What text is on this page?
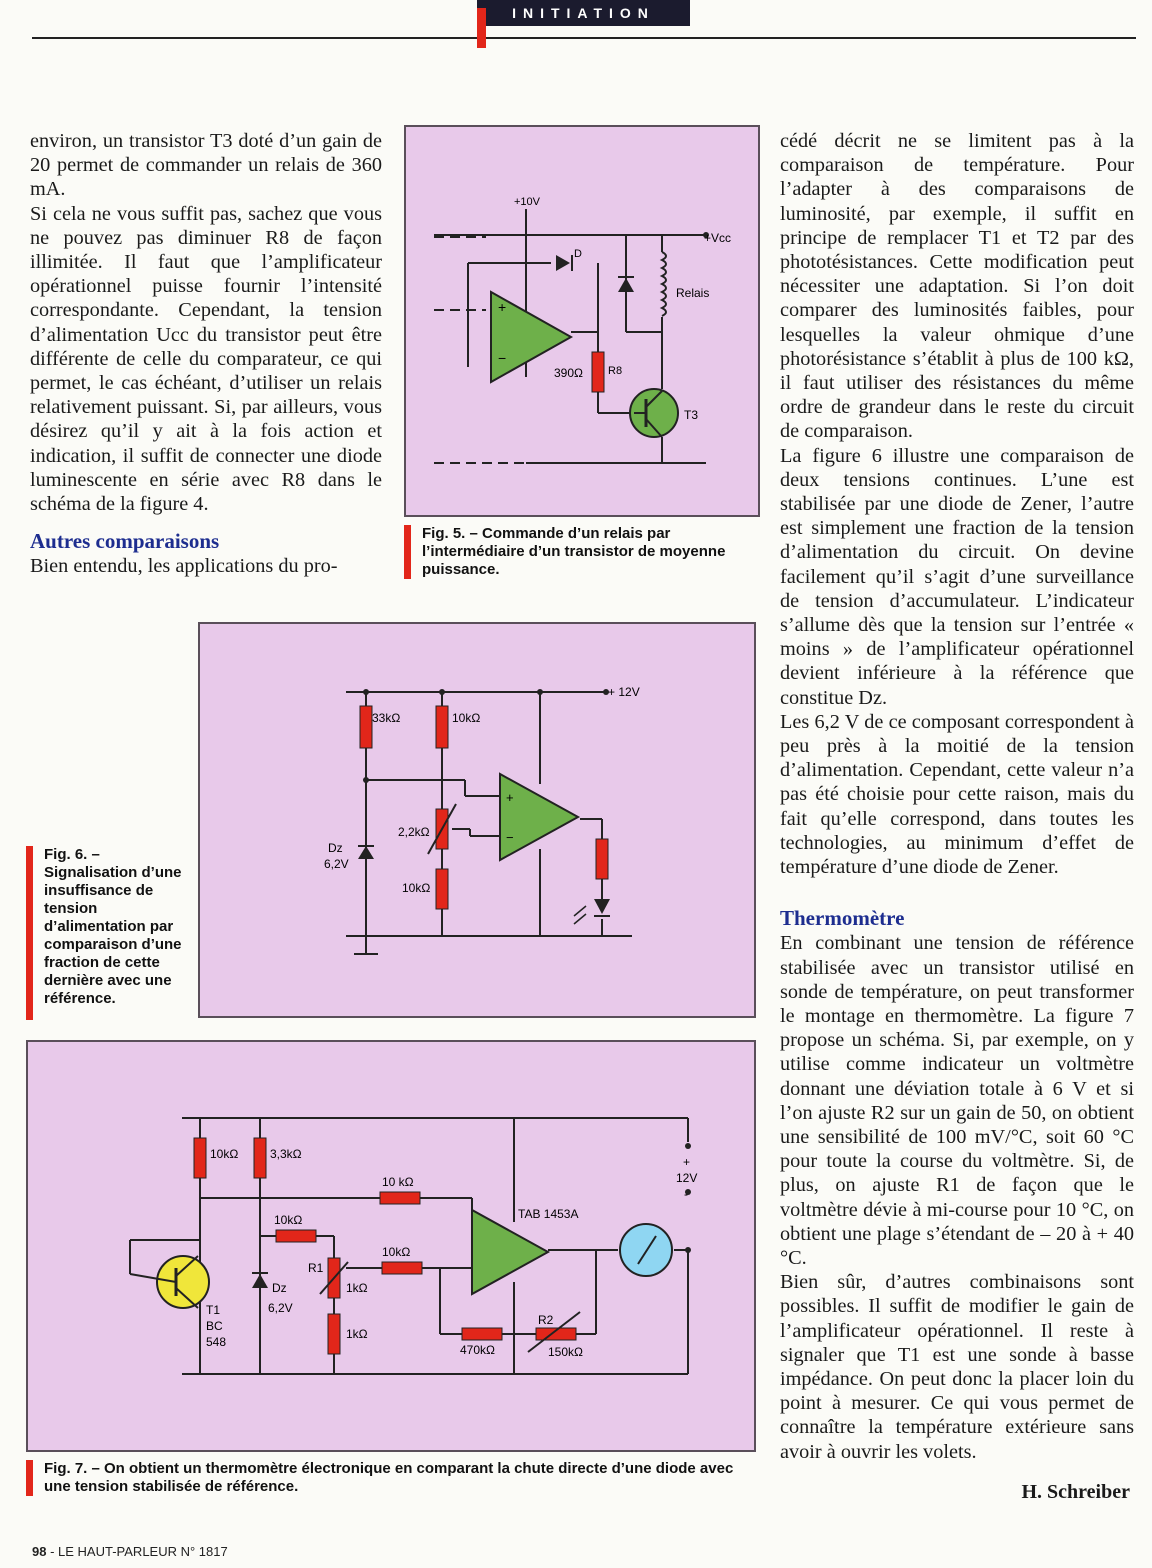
INITIATION

environ, un transistor T3 doté d’un gain de 20 permet de commander un relais de 360 mA.

Si cela ne vous suffit pas, sachez que vous ne pouvez pas diminuer R8 de façon illimitée. Il faut que l’amplificateur opérationnel puisse fournir l’intensité correspondante. Cependant, la tension d’alimentation Ucc du transistor peut être différente de celle du comparateur, ce qui permet, le cas échéant, d’utiliser un relais relativement puissant. Si, par ailleurs, vous désirez qu’il y ait à la fois action et indication, il suffit de connecter une diode luminescente en série avec R8 dans le schéma de la figure 4.

Autres comparaisons

Bien entendu, les applications du pro-

cédé décrit ne se limitent pas à la comparaison de température. Pour l’adapter à des comparaisons de luminosité, par exemple, il suffit en principe de remplacer T1 et T2 par des phototésistances. Cette modification peut nécessiter une adaptation. Si l’on doit comparer des luminosités faibles, pour lesquelles la valeur ohmique d’une photorésistance s’établit à plus de 100 kΩ, il faut utiliser des résistances du même ordre de grandeur dans le reste du circuit de comparaison.

La figure 6 illustre une comparaison de deux tensions continues. L’une est stabilisée par une diode de Zener, l’autre est simplement une fraction de la tension d’alimentation du circuit. On devine facilement qu’il s’agit d’une surveillance de tension d’accumulateur. L’indicateur s’allume dès que la tension sur l’entrée « moins » de l’amplificateur opérationnel devient inférieure à la référence que constitue Dz.

Les 6,2 V de ce composant correspondent à peu près à la moitié de la tension d’alimentation. Cependant, cette valeur n’a pas été choisie pour cette raison, mais du fait qu’elle correspond, dans toutes les technologies, au minimum d’effet de température d’une diode de Zener.

Thermomètre

En combinant une tension de référence stabilisée avec un transistor utilisé en sonde de température, on peut transformer le montage en thermomètre. La figure 7 propose un schéma. Si, par exemple, on y utilise comme indicateur un voltmètre donnant une déviation totale à 6 V et si l’on ajuste R2 sur un gain de 50, on obtient une sensibilité de 100 mV/°C, soit 60 °C pour toute la course du voltmètre. Si, de plus, on ajuste R1 de façon que le voltmètre dévie à mi-course pour 10 °C, on obtient une plage s’étendant de – 20 à + 40 °C.

Bien sûr, d’autres combinaisons sont possibles. Il suffit de modifier le gain de l’amplificateur opérationnel. Il reste à signaler que T1 est une sonde à basse impédance. On peut donc la placer loin du point à mesurer. Ce qui vous permet de connaître la température extérieure sans avoir à ouvrir les volets.

H. Schreiber
+
−
+10V
D
+Vcc
Relais
390Ω R8
T3
Fig. 5. – Commande d’un relais par l’intermédiaire d’un transistor de moyenne puissance.
+
−
+ 12V
33kΩ	10kΩ
2,2kΩ
Dz
6,2V
10kΩ
Fig. 6. – Signalisation d’une insuffisance de tension d’alimentation par comparaison d’une fraction de cette dernière avec une référence.
10kΩ	3,3kΩ
10 kΩ
10kΩ
10kΩ
R1
1kΩ
1kΩ
Dz
6,2V
T1
BC
548
TAB 1453A
470kΩ
R2
150kΩ
+
12V
-
Fig. 7. – On obtient un thermomètre électronique en comparant la chute directe d’une diode avec une tension stabilisée de référence.
98 - LE HAUT-PARLEUR N° 1817
